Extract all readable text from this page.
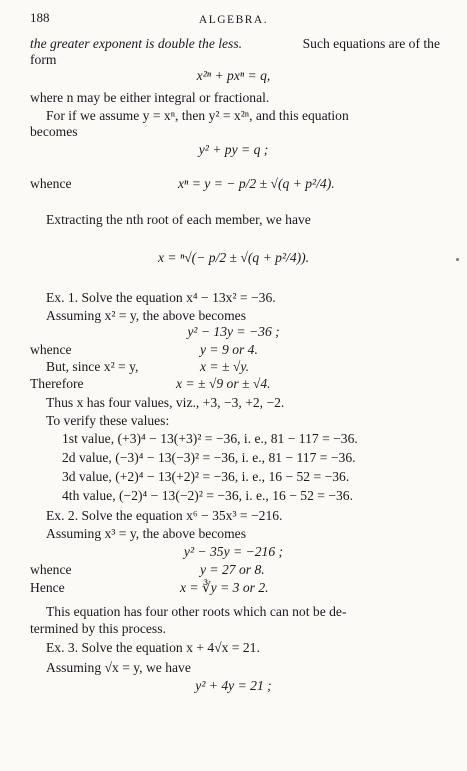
188	ALGEBRA.
the greater exponent is double the less.	Such equations are of the
form
x²ⁿ + pxⁿ = q,
where n may be either integral or fractional.
For if we assume y = xⁿ, then y² = x²ⁿ, and this equation
becomes
y² + py = q ;
whence	xⁿ = y = − p/2 ± √(q + p²/4).
Extracting the nth root of each member, we have
x = ⁿ√(− p/2 ± √(q + p²/4)).
Ex. 1. Solve the equation x⁴ − 13x² = −36.
Assuming x² = y, the above becomes
y² − 13y = −36 ;
whence	y = 9 or 4.
But, since x² = y,	x = ± √y.
Therefore	x = ± √9 or ± √4.
Thus x has four values, viz., +3, −3, +2, −2.
To verify these values:
1st value, (+3)⁴ − 13(+3)² = −36, i. e., 81 − 117 = −36.
2d value, (−3)⁴ − 13(−3)² = −36, i. e., 81 − 117 = −36.
3d value, (+2)⁴ − 13(+2)² = −36, i. e., 16 − 52 = −36.
4th value, (−2)⁴ − 13(−2)² = −36, i. e., 16 − 52 = −36.
Ex. 2. Solve the equation x⁶ − 35x³ = −216.
Assuming x³ = y, the above becomes
y² − 35y = −216 ;
whence	y = 27 or 8.
Hence	x = ∛y = 3 or 2.
This equation has four other roots which can not be de-
termined by this process.
Ex. 3. Solve the equation x + 4√x = 21.
Assuming √x = y, we have
y² + 4y = 21 ;
